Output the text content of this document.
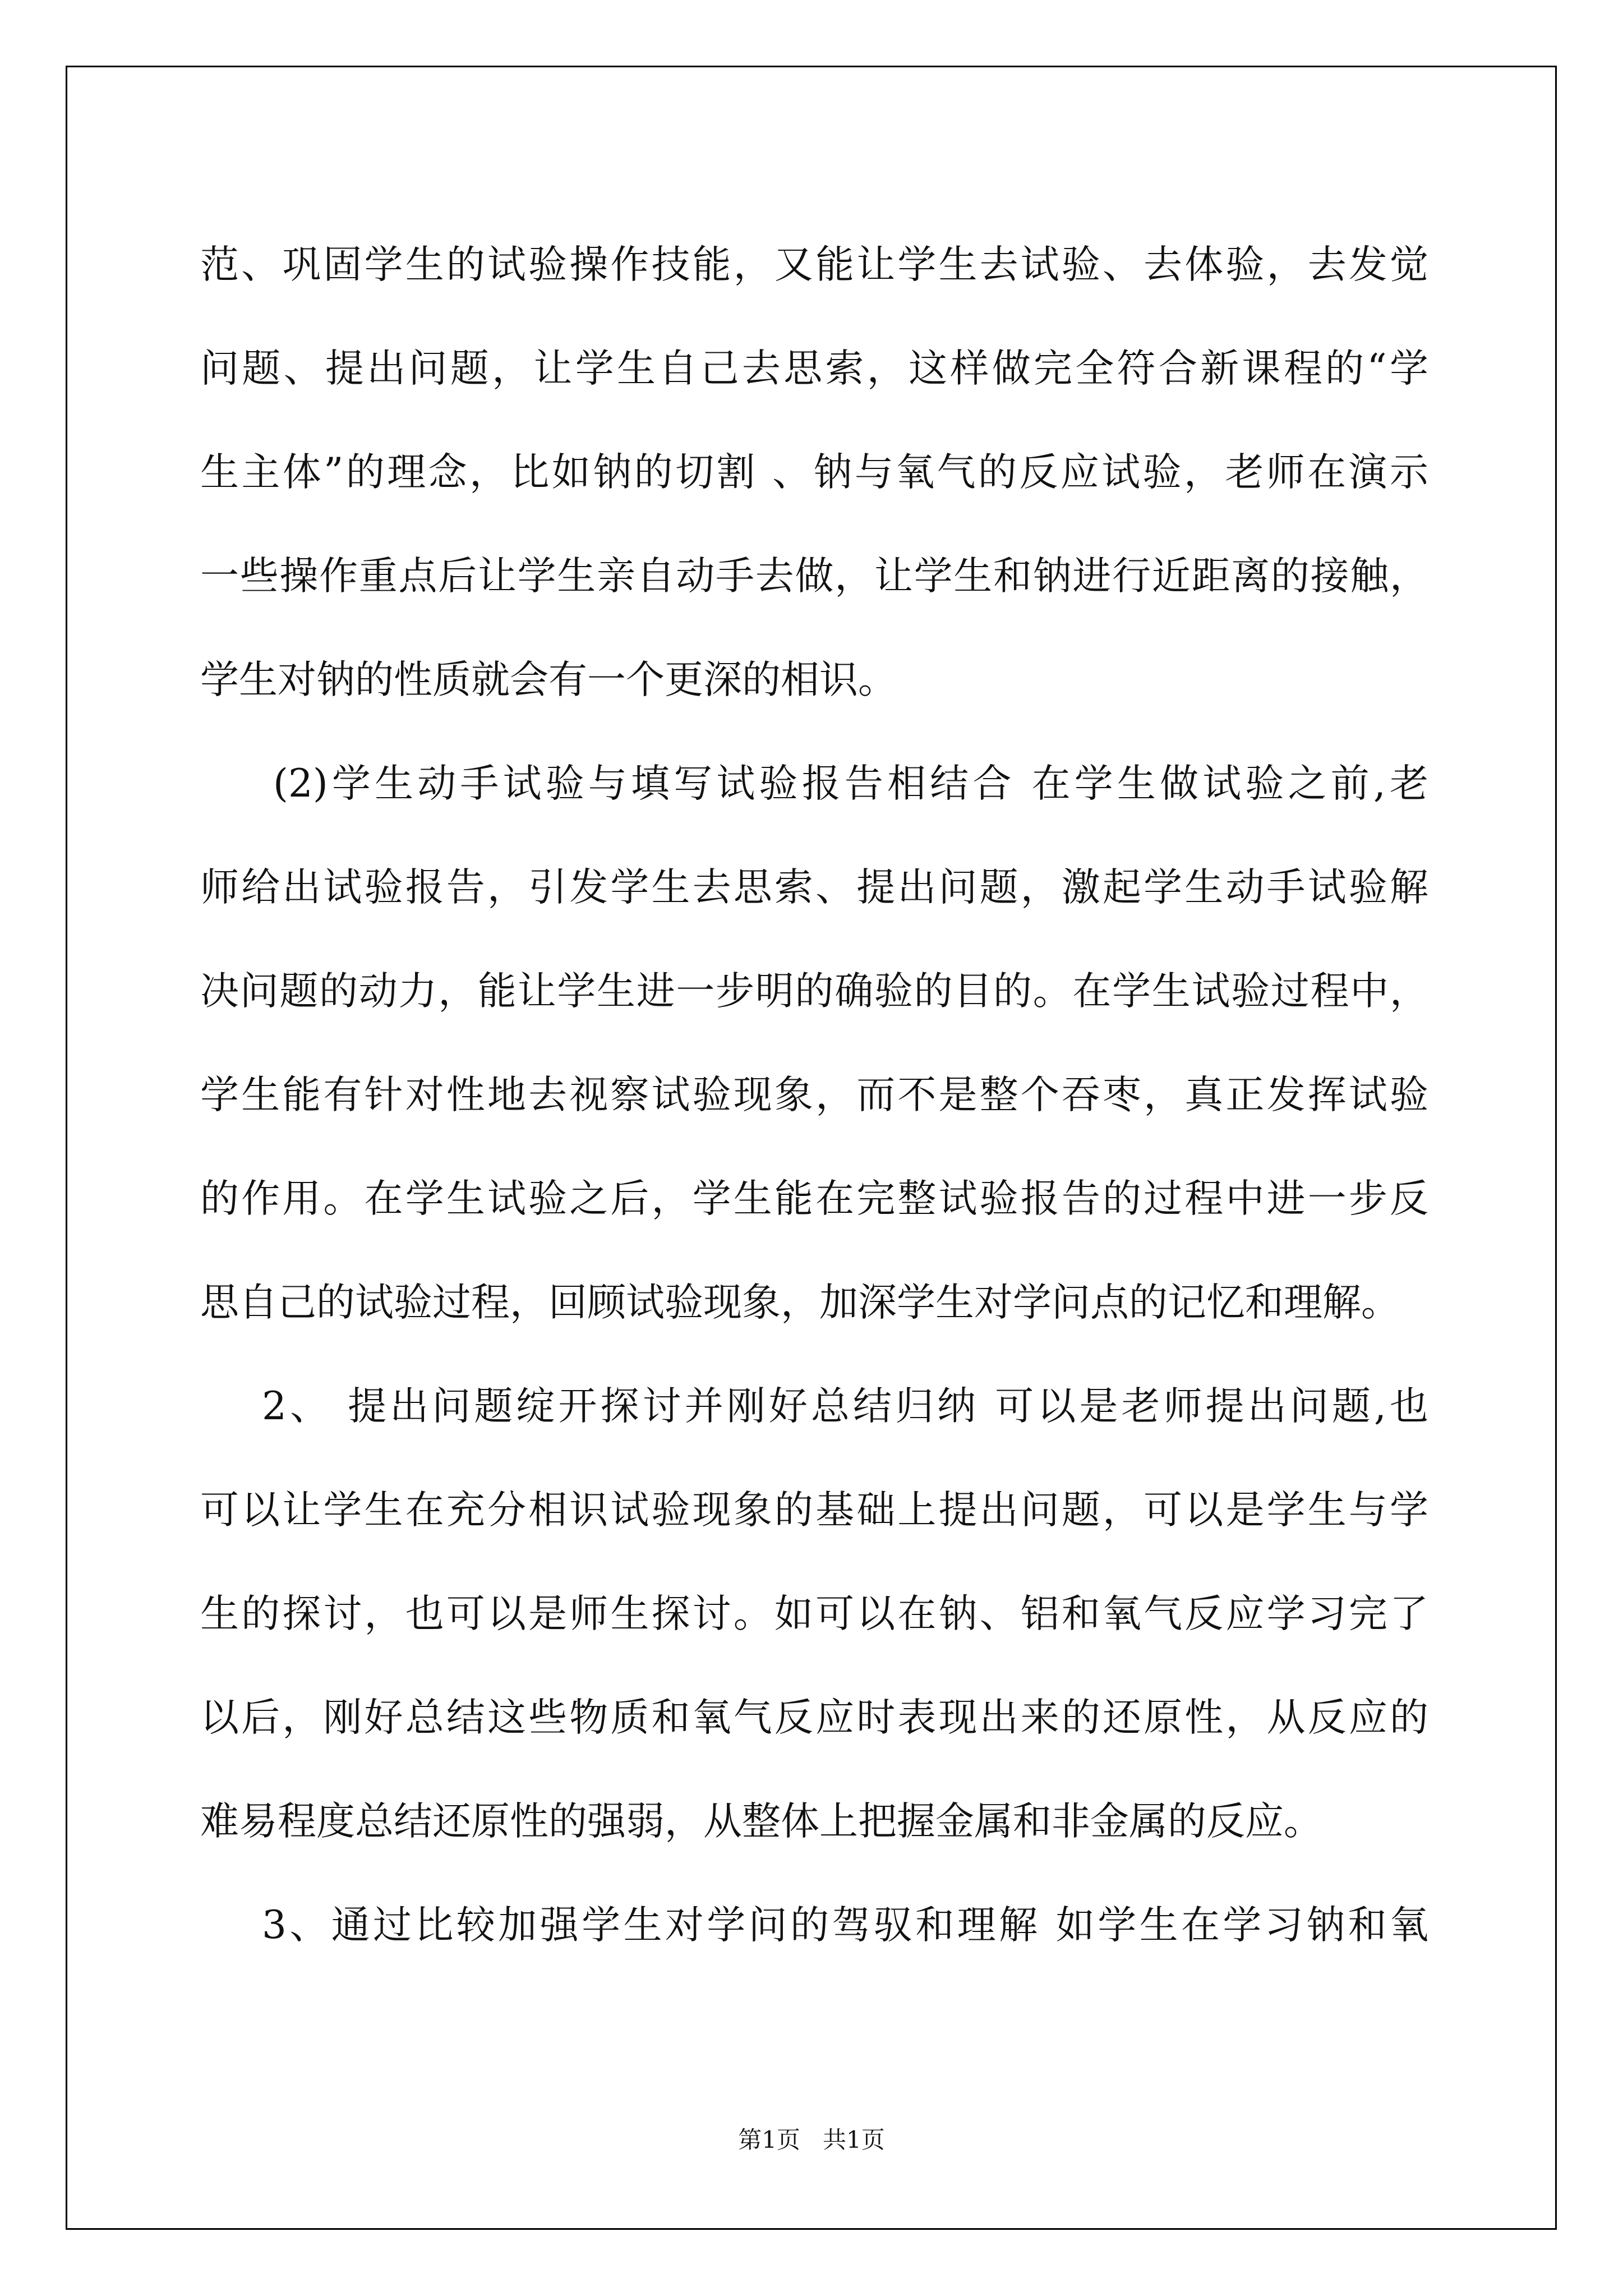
范、巩固学生的试验操作技能，又能让学生去试验、去体验，去发觉
问题、提出问题，让学生自己去思索，这样做完全符合新课程的“学
生主体”的理念，比如钠的切割 、钠与氧气的反应试验，老师在演示
一些操作重点后让学生亲自动手去做，让学生和钠进行近距离的接触，
学生对钠的性质就会有一个更深的相识。
(2)学生动手试验与填写试验报告相结合 在学生做试验之前,老
师给出试验报告，引发学生去思索、提出问题，激起学生动手试验解
决问题的动力，能让学生进一步明的确验的目的。在学生试验过程中，
学生能有针对性地去视察试验现象，而不是整个吞枣，真正发挥试验
的作用。在学生试验之后，学生能在完整试验报告的过程中进一步反
思自己的试验过程，回顾试验现象，加深学生对学问点的记忆和理解。
2、 提出问题绽开探讨并刚好总结归纳 可以是老师提出问题,也
可以让学生在充分相识试验现象的基础上提出问题，可以是学生与学
生的探讨，也可以是师生探讨。如可以在钠、铝和氧气反应学习完了
以后，刚好总结这些物质和氧气反应时表现出来的还原性，从反应的
难易程度总结还原性的强弱，从整体上把握金属和非金属的反应。
3、通过比较加强学生对学问的驾驭和理解 如学生在学习钠和氧
第1页   共1页
